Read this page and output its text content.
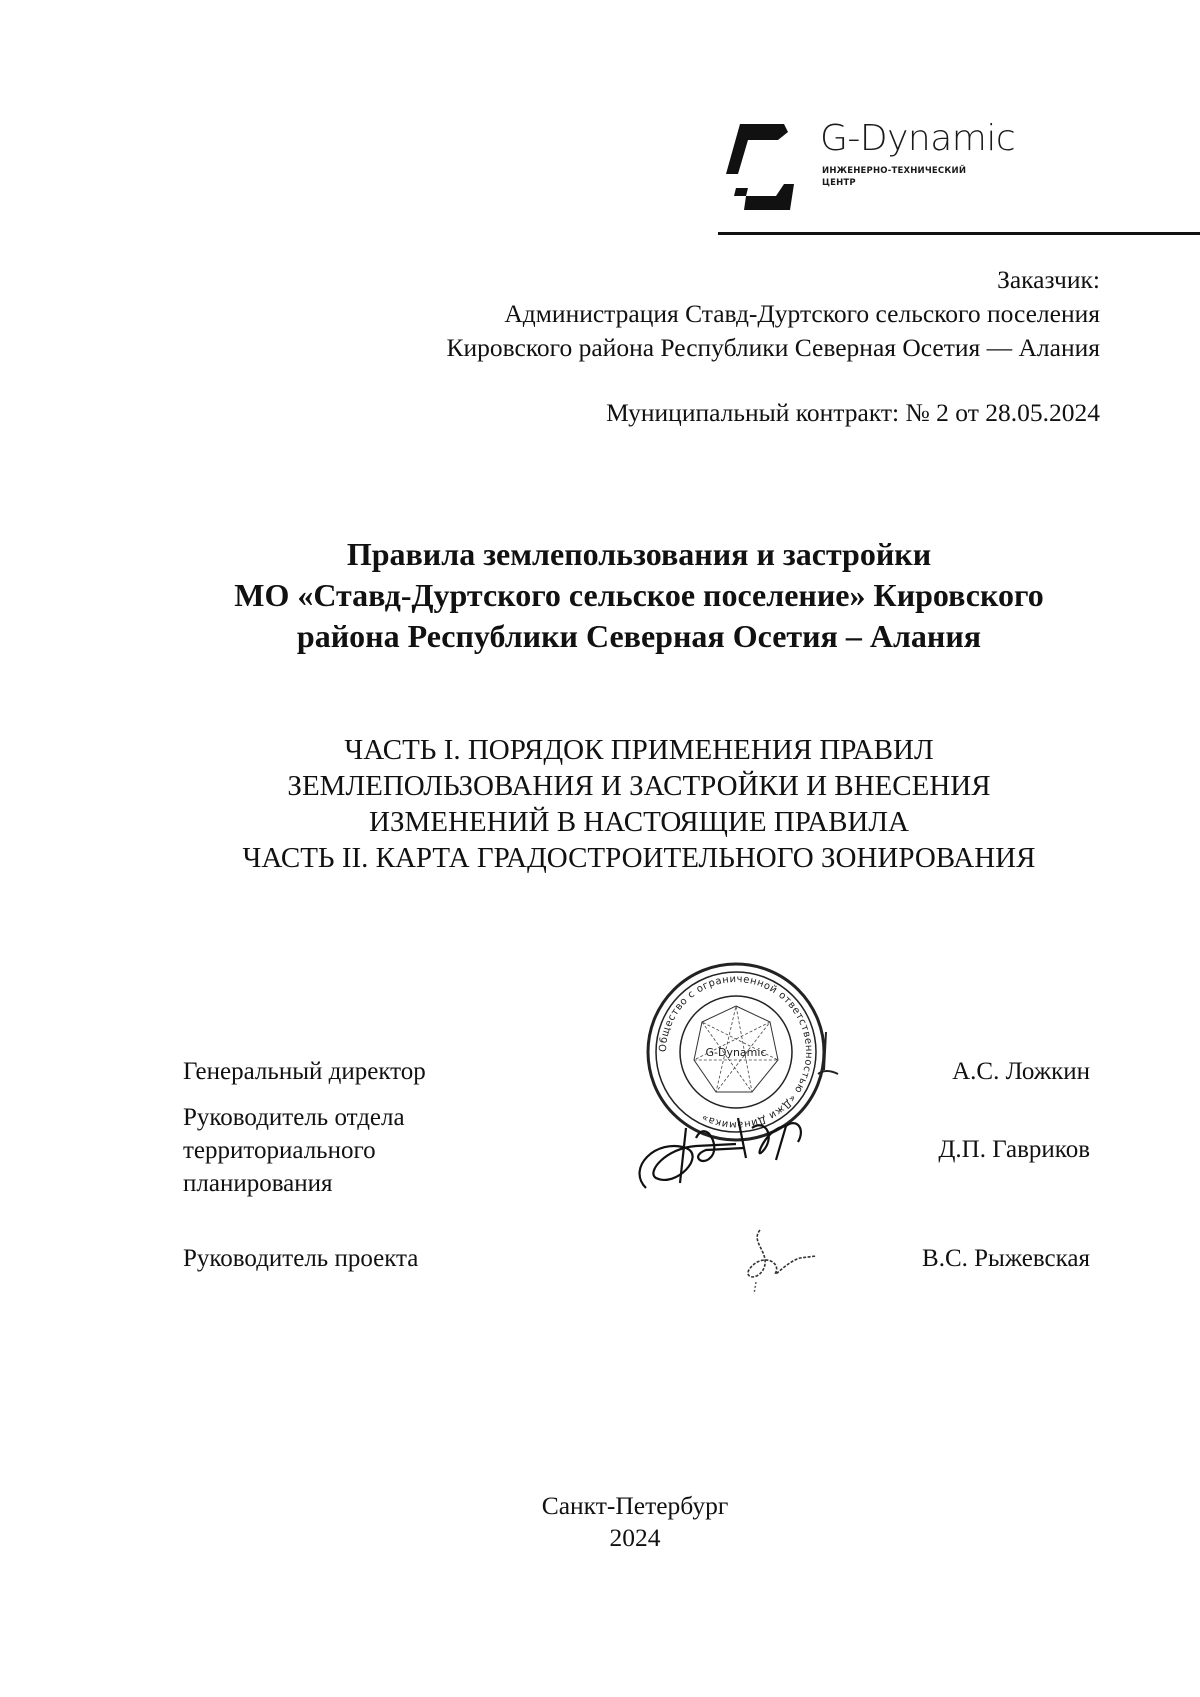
G-Dynamic
ИНЖЕНЕРНО-ТЕХНИЧЕСКИЙ
ЦЕНТР
Заказчик:
Администрация Ставд-Дуртского сельского поселения
Кировского района Республики Северная Осетия — Алания
Муниципальный контракт: № 2 от 28.05.2024
Правила землепользования и застройки
МО «Ставд-Дуртского сельское поселение» Кировского
района Республики Северная Осетия – Алания
ЧАСТЬ I. ПОРЯДОК ПРИМЕНЕНИЯ ПРАВИЛ
ЗЕМЛЕПОЛЬЗОВАНИЯ И ЗАСТРОЙКИ И ВНЕСЕНИЯ
ИЗМЕНЕНИЙ В НАСТОЯЩИЕ ПРАВИЛА
ЧАСТЬ II. КАРТА ГРАДОСТРОИТЕЛЬНОГО ЗОНИРОВАНИЯ
Общество с ограниченной ответственностью «Джи Динамика»
G-Dynamic
Генеральный директор	А.С. Ложкин
Руководитель отдела
территориального
планирования
Д.П. Гавриков
Руководитель проекта	В.С. Рыжевская
Санкт-Петербург
2024
